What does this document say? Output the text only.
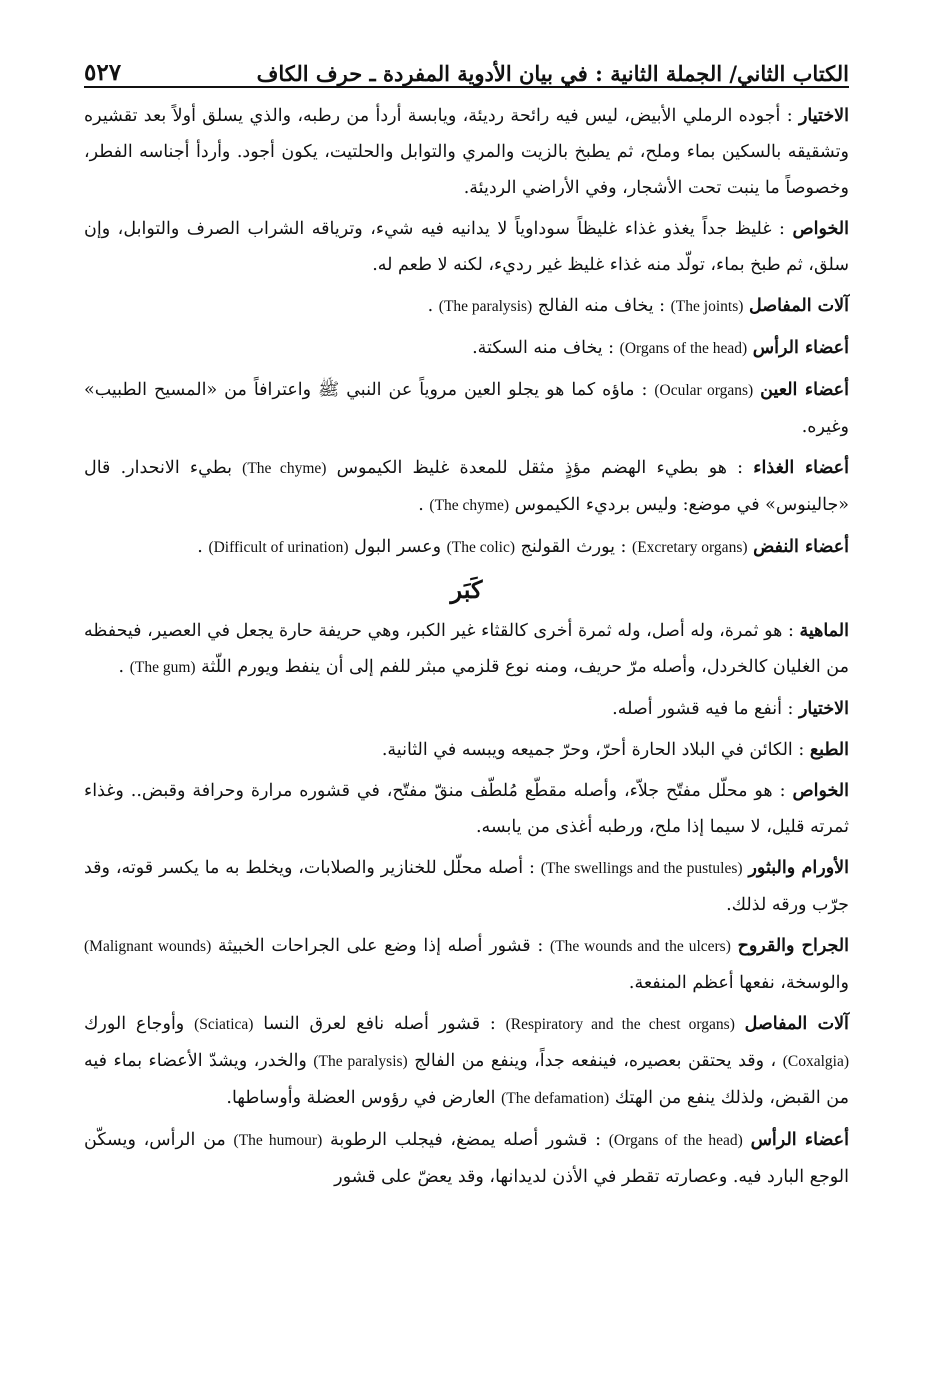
الكتاب الثاني/ الجملة الثانية : في بيان الأدوية المفردة ـ حرف الكاف
٥٢٧

الاختيار : أجوده الرملي الأبيض، ليس فيه رائحة رديئة، ويابسة أردأ من رطبه، والذي يسلق أولاً بعد تقشيره وتشقيقه بالسكين بماء وملح، ثم يطبخ بالزيت والمري والتوابل والحلتيت، يكون أجود. وأردأ أجناسه الفطر، وخصوصاً ما ينبت تحت الأشجار، وفي الأراضي الرديئة.

الخواص : غليظ جداً يغذو غذاء غليظاً سوداوياً لا يدانيه فيه شيء، وترياقه الشراب الصرف والتوابل، وإن سلق، ثم طبخ بماء، تولّد منه غذاء غليظ غير رديء، لكنه لا طعم له.

آلات المفاصل (The joints) : يخاف منه الفالج (The paralysis) .

أعضاء الرأس (Organs of the head) : يخاف منه السكتة.

أعضاء العين (Ocular organs) : ماؤه كما هو يجلو العين مروياً عن النبي ﷺ واعترافاً من «المسيح الطبيب» وغيره.

أعضاء الغذاء : هو بطيء الهضم مؤذٍ مثقل للمعدة غليظ الكيموس (The chyme) بطيء الانحدار. قال «جالينوس» في موضع: وليس برديء الكيموس (The chyme) .

أعضاء النفض (Excretary organs) : يورث القولنج (The colic) وعسر البول (Difficult of urination) .

كَبَر

الماهية : هو ثمرة، وله أصل، وله ثمرة أخرى كالقثاء غير الكبر، وهي حريفة حارة يجعل في العصير، فيحفظه من الغليان كالخردل، وأصله مرّ حريف، ومنه نوع قلزمي مبثر للفم إلى أن ينفط ويورم اللّثة (The gum) .

الاختيار : أنفع ما فيه قشور أصله.

الطبع : الكائن في البلاد الحارة أحرّ، وحرّ جميعه ويبسه في الثانية.

الخواص : هو محلّل مفتّح جلاّء، وأصله مقطّع مُلطّف منقّ مفتّح، في قشوره مرارة وحرافة وقبض.. وغذاء ثمرته قليل، لا سيما إذا ملح، ورطبه أغذى من يابسه.

الأورام والبثور (The swellings and the pustules) : أصله محلّل للخنازير والصلابات، ويخلط به ما يكسر قوته، وقد جرّب ورقه لذلك.

الجراح والقروح (The wounds and the ulcers) : قشور أصله إذا وضع على الجراحات الخبيثة (Malignant wounds) والوسخة، نفعها أعظم المنفعة.

آلات المفاصل (Respiratory and the chest organs) : قشور أصله نافع لعرق النسا (Sciatica) وأوجاع الورك (Coxalgia) ، وقد يحتقن بعصيره، فينفعه جداً، وينفع من الفالج (The paralysis) والخدر، ويشدّ الأعضاء بماء فيه من القبض، ولذلك ينفع من الهتك (The defamation) العارض في رؤوس العضلة وأوساطها.

أعضاء الرأس (Organs of the head) : قشور أصله يمضغ، فيجلب الرطوبة (The humour) من الرأس، ويسكّن الوجع البارد فيه. وعصارته تقطر في الأذن لديدانها، وقد يعضّ على قشور
